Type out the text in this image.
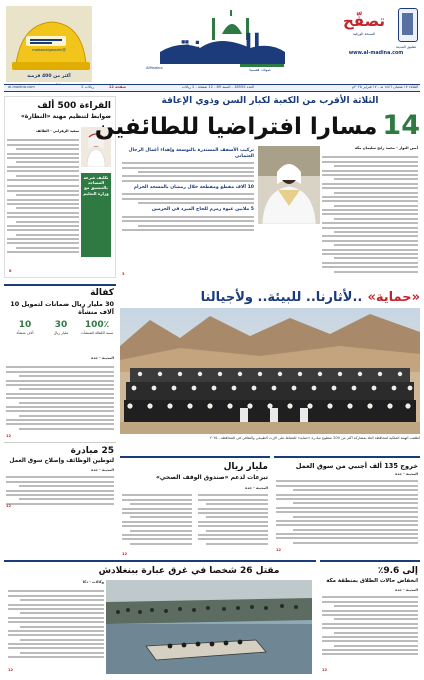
أكثر من 400 فرصة
@maisanalgassimi	المدينة
AlMadina
تصفّح
النسخة الورقية
تطبيق المدينة
www.al-madina.com
صوتك: فقسيتا
الثلاثاء ١٧ شعبان ١٤٤٦ هـ - ١٧ فبراير ٢٠٢٥م
العدد 18555 - السنة 89 - 12 صفحة - 2 ريالات
صفحة 12
ريالات 2
al-madina.com
القراءة 500 ألف
ضوابط لتنظيم مهنة «النظارة»
سعيد الزهراني - الطائف
تكليف شرعة المساجد بالتنسيق مع وزارة التعليم
8
الثلاثة الأقرب من الكعبة لكبار السن وذوي الإعاقة
14 مسارا افتراضيا للطائفين
أمين النوار - محمد رابح سليمان مكة
تركيب الأسقف المستدرة بالتوسعة وإهداء أعمال الرجال العثماني
10 آلاف مقطع ومقطعة خلال رمضان بالمسجد الحرام
5 ملايين عبوة زمزم للحاج المبرد في الحرمين
3
«حماية» ..لأثارنا.. للبيئة.. ولأجيالنا
أطلقت الهيئة الملكية لمحافظة العلا بمشاركة أكثر من 200 متطوع مبادرة «حماية» للحفاظ على الإرث الطبيعي والثقافي في المحافظة - ٢٠٢٥
كفالة
30 مليار ريال ضمانات لتمويل 10 آلاف منشأة
100٪
نسبة الكفالة للمنشآت
30
مليار ريال
10
آلاف منشأة
المدينة - جدة
12
25 مبادرة
لتوطين الوظائف وإصلاح سوق العمل
المدينة - جدة
12
مليار ريال
تبرعات لدعم «صندوق الوقف الصحي»
المدينة - جدة
12
خروج 135 ألف أجنبي من سوق العمل
المدينة - جدة
12
إلى 9.6٪
انخفاض حالات الطلاق بمنطقة مكة
المدينة - جدة
12
مقتل 26 شخصا في غرق عبارة ببنغلادش
وكالات - دكا
12
